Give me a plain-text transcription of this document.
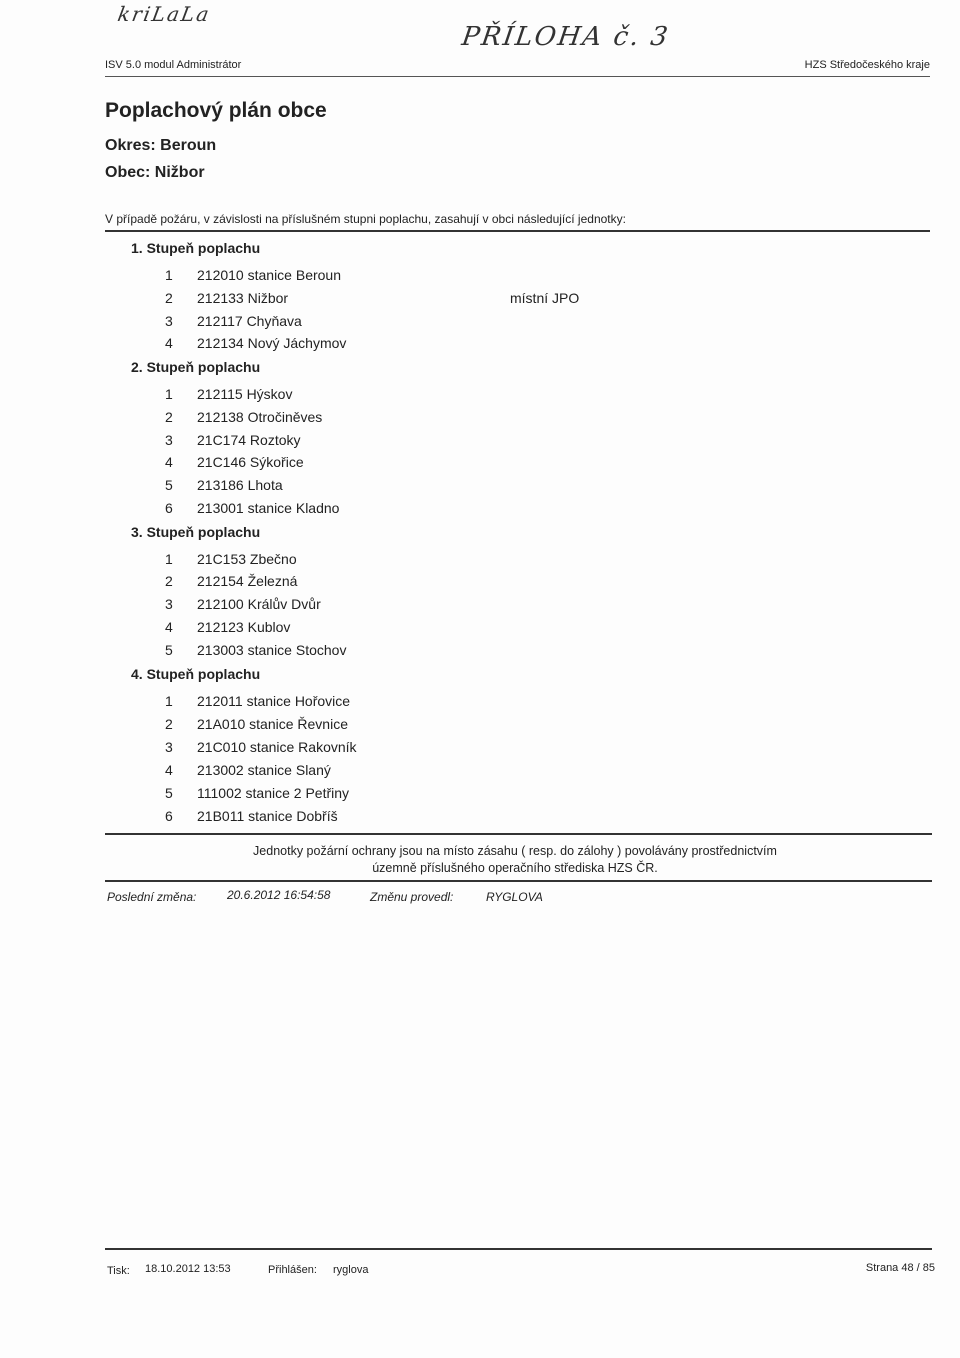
kriLaLa
PŘÍLOHA č. 3
ISV 5.0 modul Administrátor	HZS Středočeského kraje
Poplachový plán obce
Okres: Beroun
Obec: Nižbor
V případě požáru, v závislosti na příslušném stupni poplachu, zasahují v obci následující jednotky:
1. Stupeň poplachu
1	212010 stanice Beroun
2	212133 Nižbor	místní JPO
3	212117 Chyňava
4	212134 Nový Jáchymov
2. Stupeň poplachu
1	212115 Hýskov
2	212138 Otročiněves
3	21C174 Roztoky
4	21C146 Sýkořice
5	213186 Lhota
6	213001 stanice Kladno
3. Stupeň poplachu
1	21C153 Zbečno
2	212154 Železná
3	212100 Králův Dvůr
4	212123 Kublov
5	213003 stanice Stochov
4. Stupeň poplachu
1	212011 stanice Hořovice
2	21A010 stanice Řevnice
3	21C010 stanice Rakovník
4	213002 stanice Slaný
5	111002 stanice 2 Petřiny
6	21B011 stanice Dobříš
Jednotky požární ochrany jsou na místo zásahu ( resp. do zálohy ) povolávány prostřednictvím
územně příslušného operačního střediska HZS ČR.
Poslední změna:	20.6.2012 16:54:58	Změnu provedl:	RYGLOVA
Tisk: 18.10.2012 13:53	Přihlášen: ryglova	Strana 48 / 85
